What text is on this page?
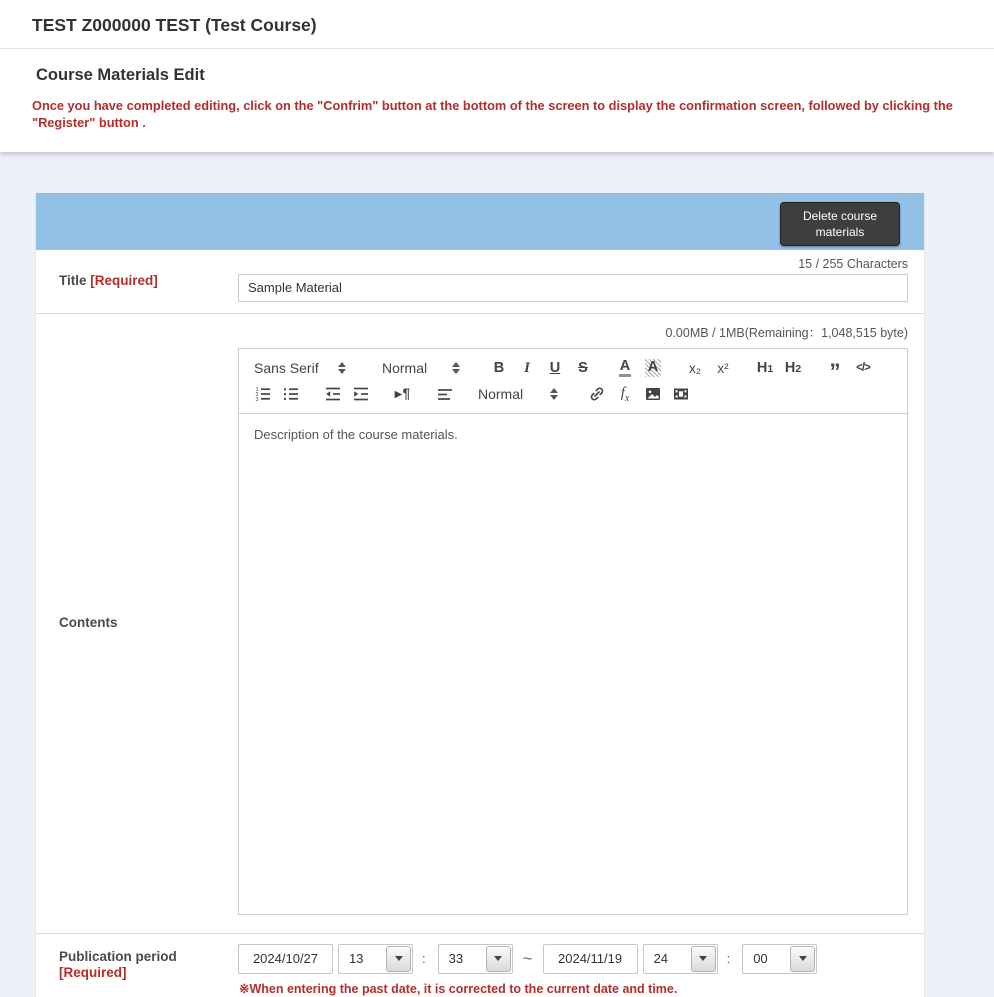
TEST Z000000 TEST (Test Course)
Course Materials Edit

Once you have completed editing, click on the "Confrim" button at the bottom of the screen to display the confirmation screen, followed by clicking the "Register" button .

Delete course materials
Title [Required]
15 / 255 Characters
Sample Material
Contents
0.00MB / 1MB(Remaining：1,048,515 byte)
Sans Serif	Normal	B	I	U	S	A A	x₂	x²	H 1 H 2	”	</>
1
2
3	▸¶	Normal	$f_x$
Description of the course materials.
Publication period
[Required]
2024/10/27
13
:
33	~
2024/11/19
24	:
00
※When entering the past date, it is corrected to the current date and time.
